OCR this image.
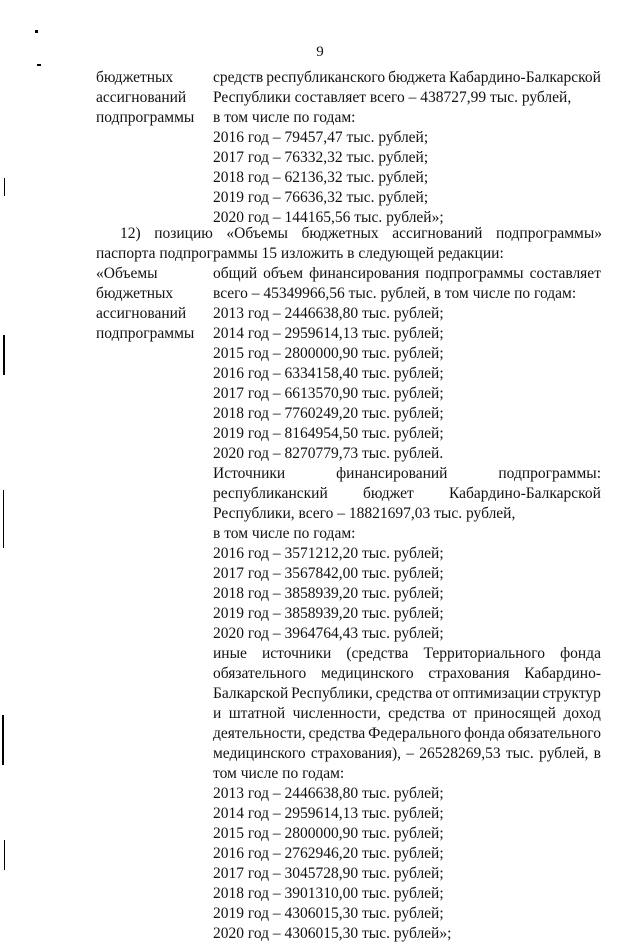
9
бюджетных
ассигнований
подпрограммы
средств республиканского бюджета Кабардино-Балкарской
Республики составляет всего – 438727,99 тыс. рублей,
в том числе по годам:
2016 год – 79457,47 тыс. рублей;
2017 год – 76332,32 тыс. рублей;
2018 год – 62136,32 тыс. рублей;
2019 год – 76636,32 тыс. рублей;
2020 год – 144165,56 тыс. рублей»;
12) позицию «Объемы бюджетных ассигнований подпрограммы»
паспорта подпрограммы 15 изложить в следующей редакции:
«Объемы
бюджетных
ассигнований
подпрограммы
общий объем финансирования подпрограммы составляет
всего – 45349966,56 тыс. рублей, в том числе по годам:
2013 год – 2446638,80 тыс. рублей;
2014 год – 2959614,13 тыс. рублей;
2015 год – 2800000,90 тыс. рублей;
2016 год – 6334158,40 тыс. рублей;
2017 год – 6613570,90 тыс. рублей;
2018 год – 7760249,20 тыс. рублей;
2019 год – 8164954,50 тыс. рублей;
2020 год – 8270779,73 тыс. рублей.
Источники	финансирований	подпрограммы:
республиканский бюджет Кабардино-Балкарской
Республики, всего – 18821697,03 тыс. рублей,
в том числе по годам:
2016 год – 3571212,20 тыс. рублей;
2017 год – 3567842,00 тыс. рублей;
2018 год – 3858939,20 тыс. рублей;
2019 год – 3858939,20 тыс. рублей;
2020 год – 3964764,43 тыс. рублей;
иные источники (средства Территориального фонда
обязательного медицинского страхования Кабардино-
Балкарской Республики, средства от оптимизации структур
и штатной численности, средства от приносящей доход
деятельности, средства Федерального фонда обязательного
медицинского страхования), – 26528269,53 тыс. рублей, в
том числе по годам:
2013 год – 2446638,80 тыс. рублей;
2014 год – 2959614,13 тыс. рублей;
2015 год – 2800000,90 тыс. рублей;
2016 год – 2762946,20 тыс. рублей;
2017 год – 3045728,90 тыс. рублей;
2018 год – 3901310,00 тыс. рублей;
2019 год – 4306015,30 тыс. рублей;
2020 год – 4306015,30 тыс. рублей»;
